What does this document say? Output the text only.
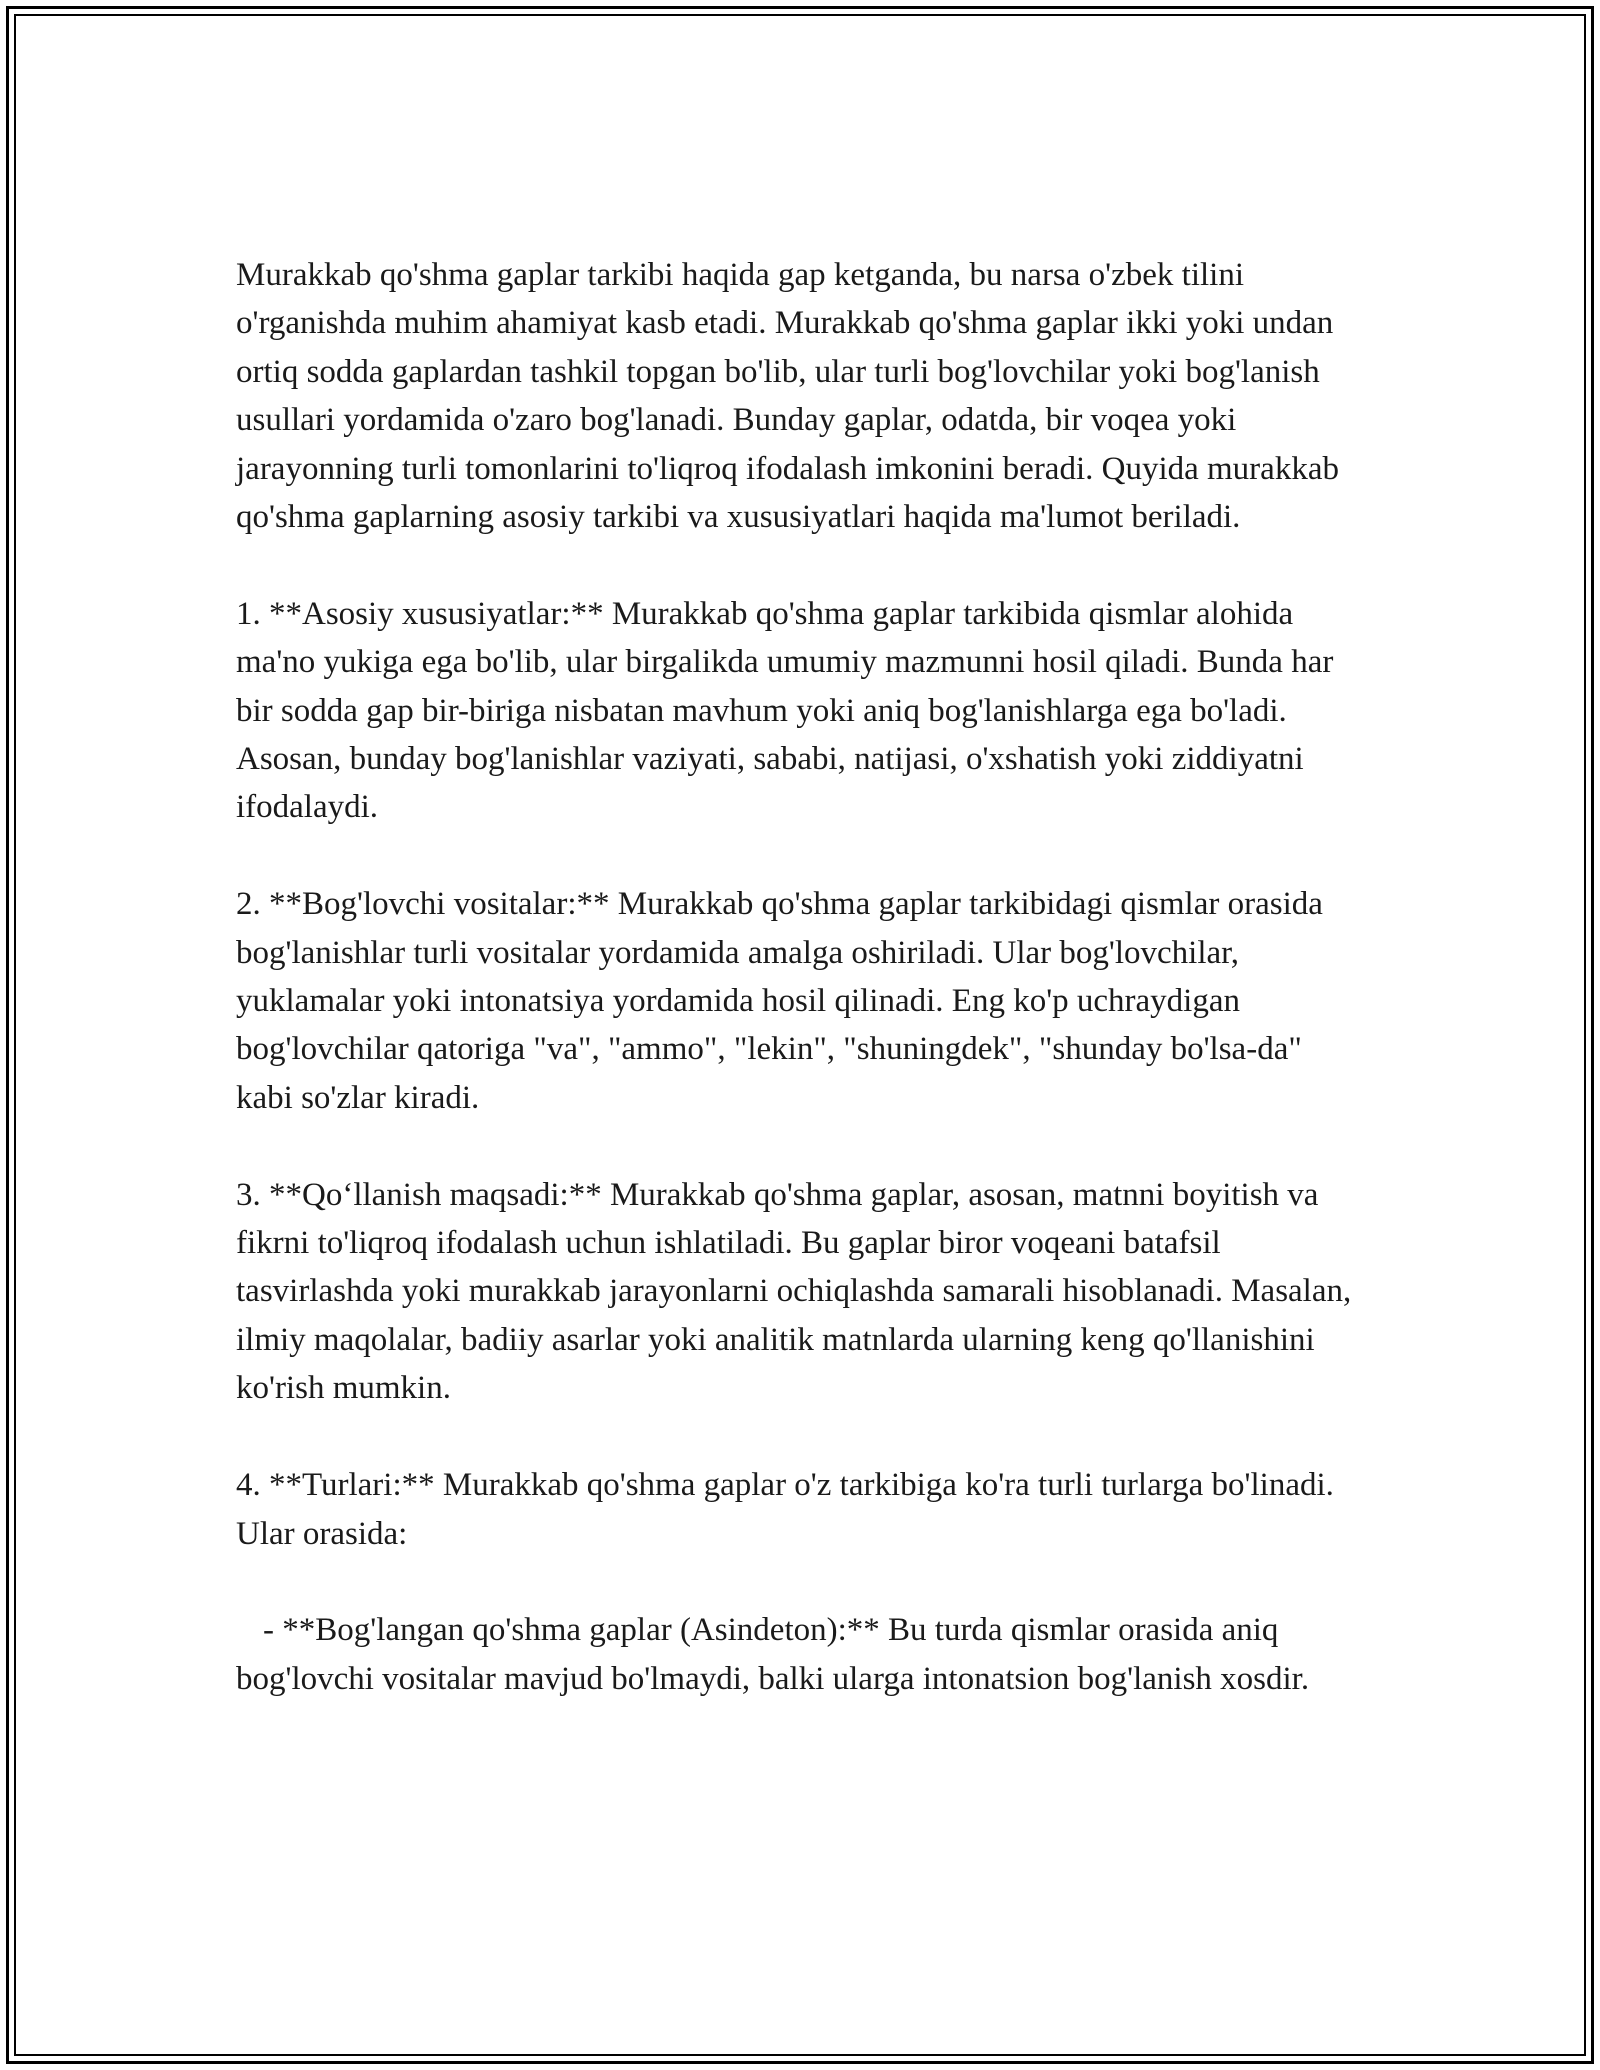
Murakkab qo'shma gaplar tarkibi haqida gap ketganda, bu narsa o'zbek tilini o'rganishda muhim ahamiyat kasb etadi. Murakkab qo'shma gaplar ikki yoki undan ortiq sodda gaplardan tashkil topgan bo'lib, ular turli bog'lovchilar yoki bog'lanish usullari yordamida o'zaro bog'lanadi. Bunday gaplar, odatda, bir voqea yoki jarayonning turli tomonlarini to'liqroq ifodalash imkonini beradi. Quyida murakkab qo'shma gaplarning asosiy tarkibi va xususiyatlari haqida ma'lumot beriladi.

1. **Asosiy xususiyatlar:** Murakkab qo'shma gaplar tarkibida qismlar alohida ma'no yukiga ega bo'lib, ular birgalikda umumiy mazmunni hosil qiladi. Bunda har bir sodda gap bir-biriga nisbatan mavhum yoki aniq bog'lanishlarga ega bo'ladi. Asosan, bunday bog'lanishlar vaziyati, sababi, natijasi, o'xshatish yoki ziddiyatni ifodalaydi.

2. **Bog'lovchi vositalar:** Murakkab qo'shma gaplar tarkibidagi qismlar orasida bog'lanishlar turli vositalar yordamida amalga oshiriladi. Ular bog'lovchilar, yuklamalar yoki intonatsiya yordamida hosil qilinadi. Eng ko'p uchraydigan bog'lovchilar qatoriga "va", "ammo", "lekin", "shuningdek", "shunday bo'lsa-da" kabi so'zlar kiradi.

3. **Qo‘llanish maqsadi:** Murakkab qo'shma gaplar, asosan, matnni boyitish va fikrni to'liqroq ifodalash uchun ishlatiladi. Bu gaplar biror voqeani batafsil tasvirlashda yoki murakkab jarayonlarni ochiqlashda samarali hisoblanadi. Masalan, ilmiy maqolalar, badiiy asarlar yoki analitik matnlarda ularning keng qo'llanishini ko'rish mumkin.

4. **Turlari:** Murakkab qo'shma gaplar o'z tarkibiga ko'ra turli turlarga bo'linadi. Ular orasida:

- **Bog'langan qo'shma gaplar (Asindeton):** Bu turda qismlar orasida aniq bog'lovchi vositalar mavjud bo'lmaydi, balki ularga intonatsion bog'lanish xosdir.
